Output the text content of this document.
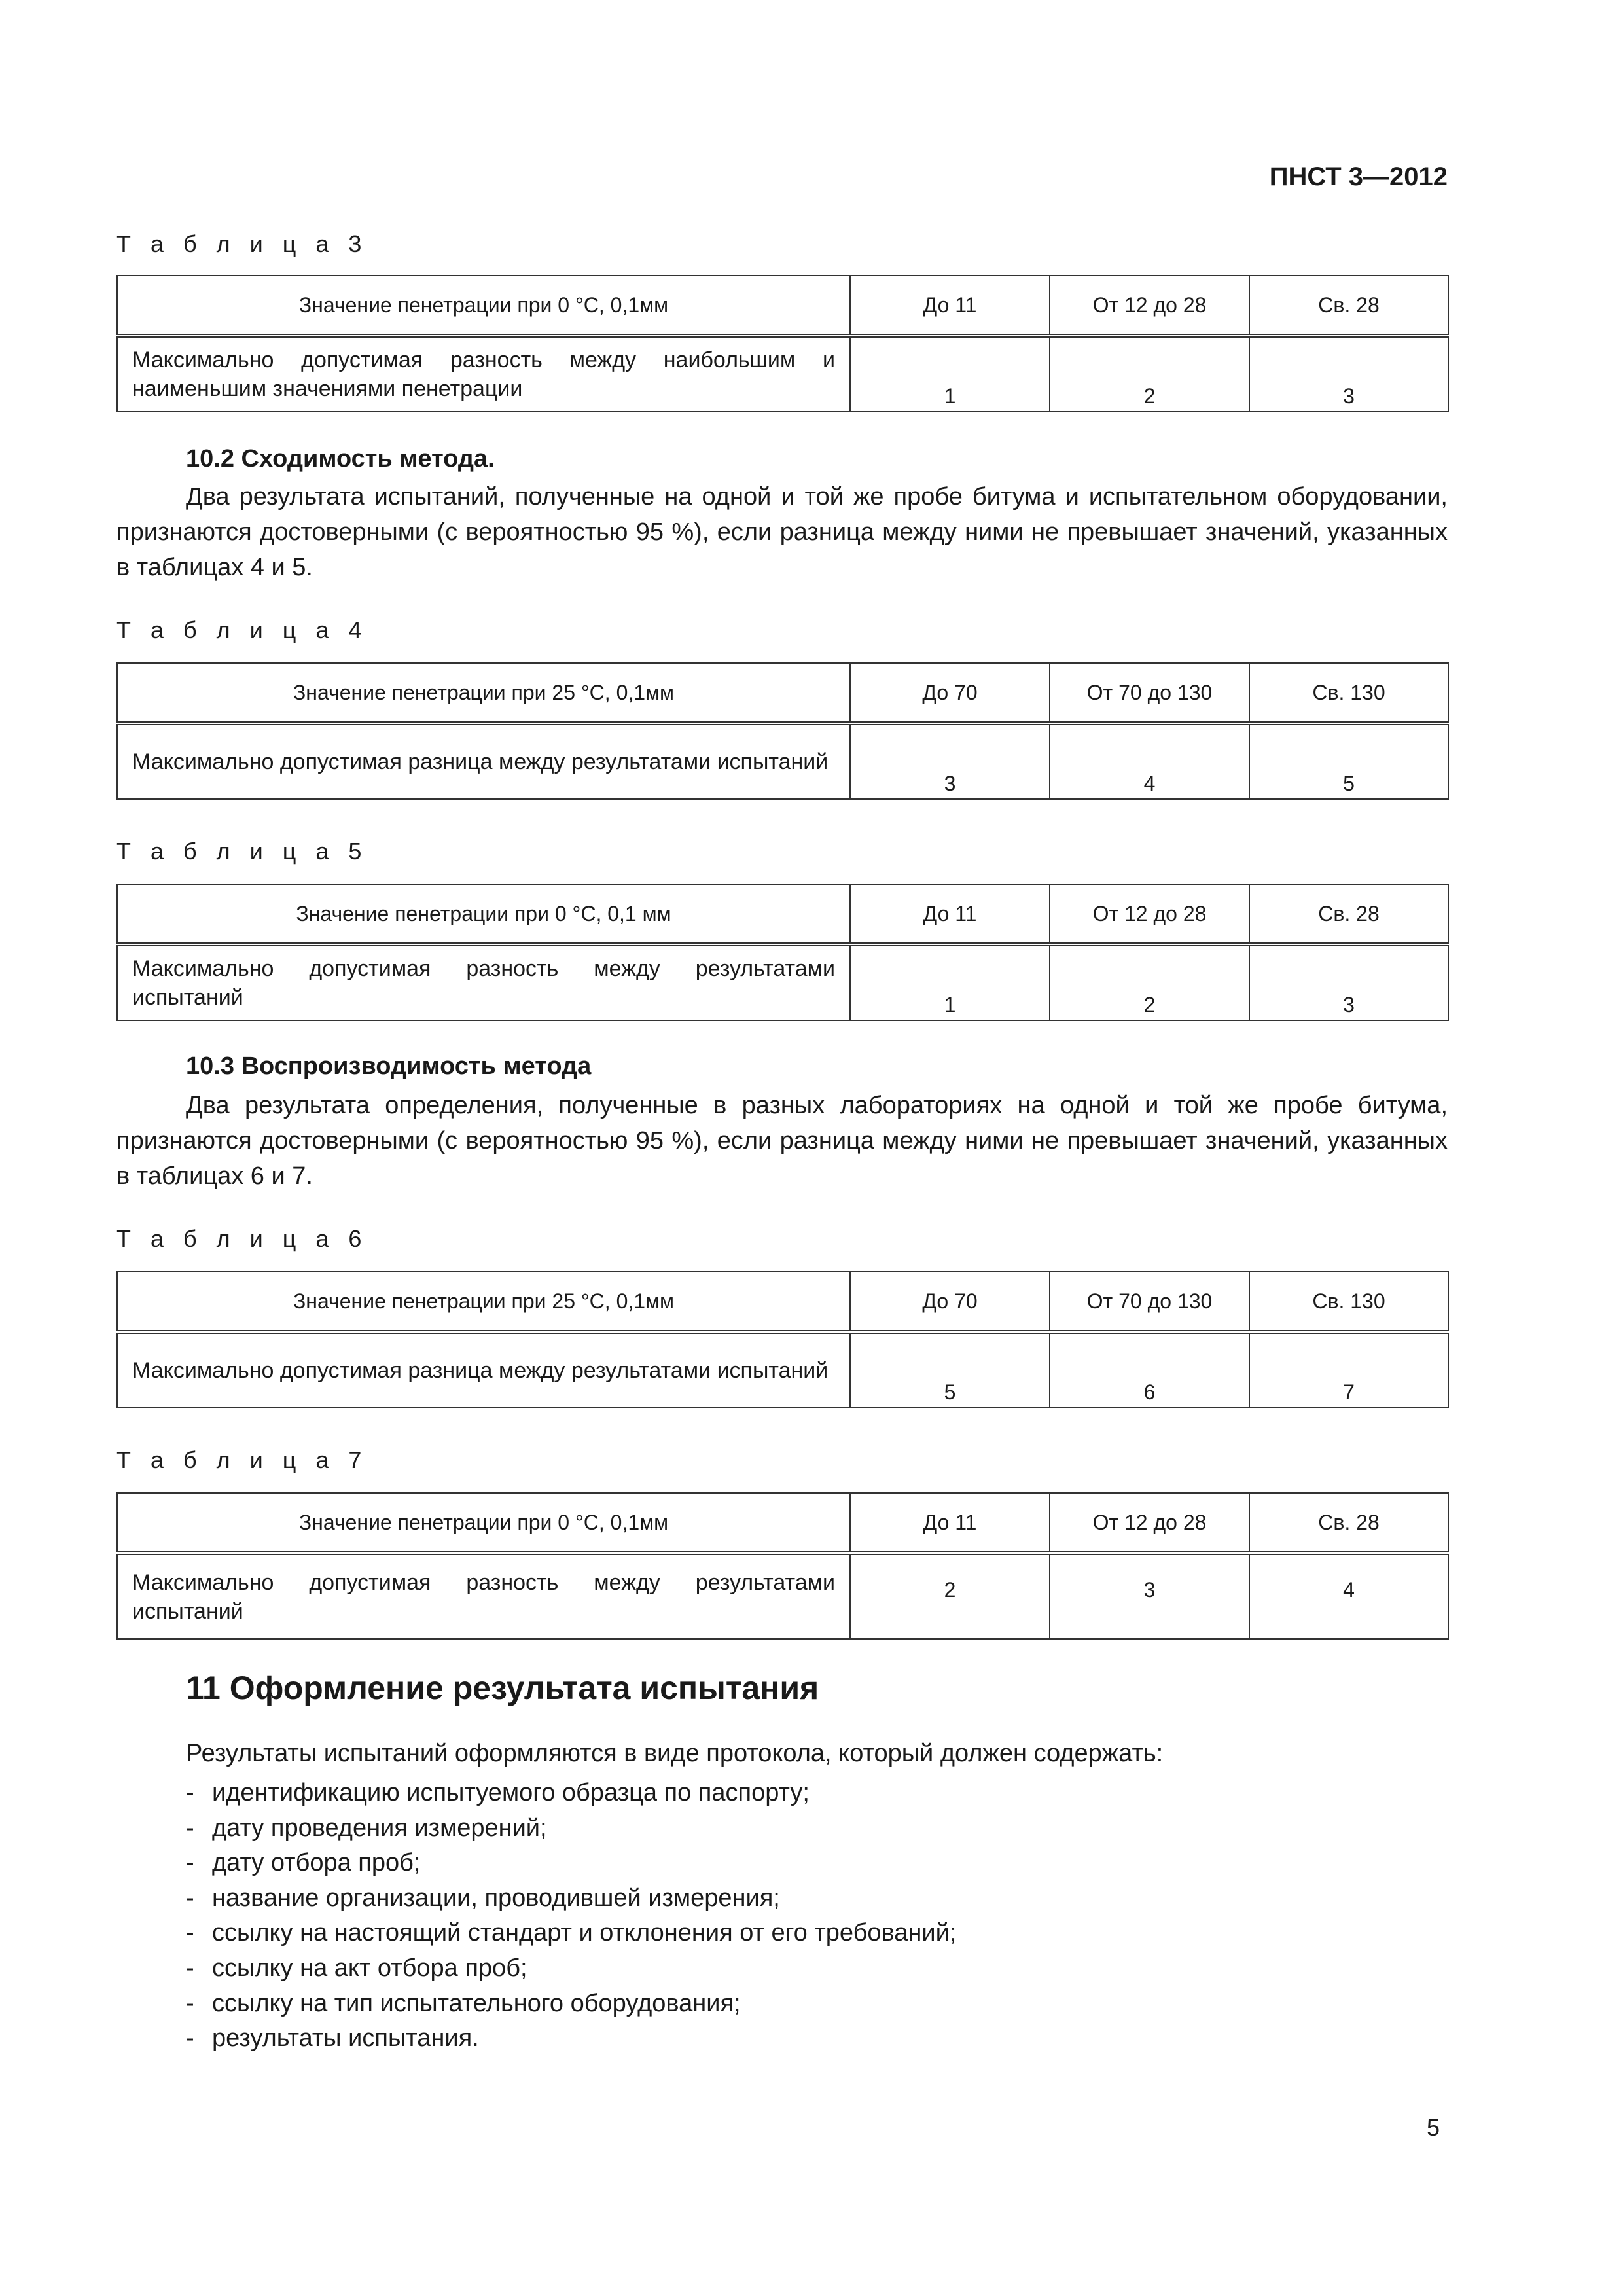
ПНСТ 3—2012
Т а б л и ц а 3
Значение пенетрации при 0 °C, 0,1мм	До 11	От 12 до 28	Св. 28
Максимально допустимая разность между наибольшим и наименьшим значениями пенетрации	1	2	3
10.2 Сходимость метода.
Два результата испытаний, полученные на одной и той же пробе битума и испытательном оборудовании, признаются достоверными (с вероятностью 95 %), если разница между ними не превышает значений, указанных в таблицах 4 и 5.
Т а б л и ц а 4
Значение пенетрации при 25 °C, 0,1мм	До 70	От 70 до 130	Св. 130
Максимально допустимая разница между результатами испытаний	3	4	5
Т а б л и ц а 5
Значение пенетрации при 0 °C, 0,1 мм	До 11	От 12 до 28	Св. 28
Максимально допустимая разность между результатами испытаний	1	2	3
10.3 Воспроизводимость метода
Два результата определения, полученные в разных лабораториях на одной и той же пробе битума, признаются достоверными (с вероятностью 95 %), если разница между ними не превышает значений, указанных в таблицах 6 и 7.
Т а б л и ц а 6
Значение пенетрации при 25 °C, 0,1мм	До 70	От 70 до 130	Св. 130
Максимально допустимая разница между результатами испытаний	5	6	7
Т а б л и ц а 7
Значение пенетрации при 0 °C, 0,1мм	До 11	От 12 до 28	Св. 28
Максимально допустимая разность между результатами испытаний	2	3	4
11 Оформление результата испытания
Результаты испытаний оформляются в виде протокола, который должен содержать:
- идентификацию испытуемого образца по паспорту;
- дату проведения измерений;
- дату отбора проб;
- название организации, проводившей измерения;
- ссылку на настоящий стандарт и отклонения от его требований;
- ссылку на акт отбора проб;
- ссылку на тип испытательного оборудования;
- результаты испытания.
5
